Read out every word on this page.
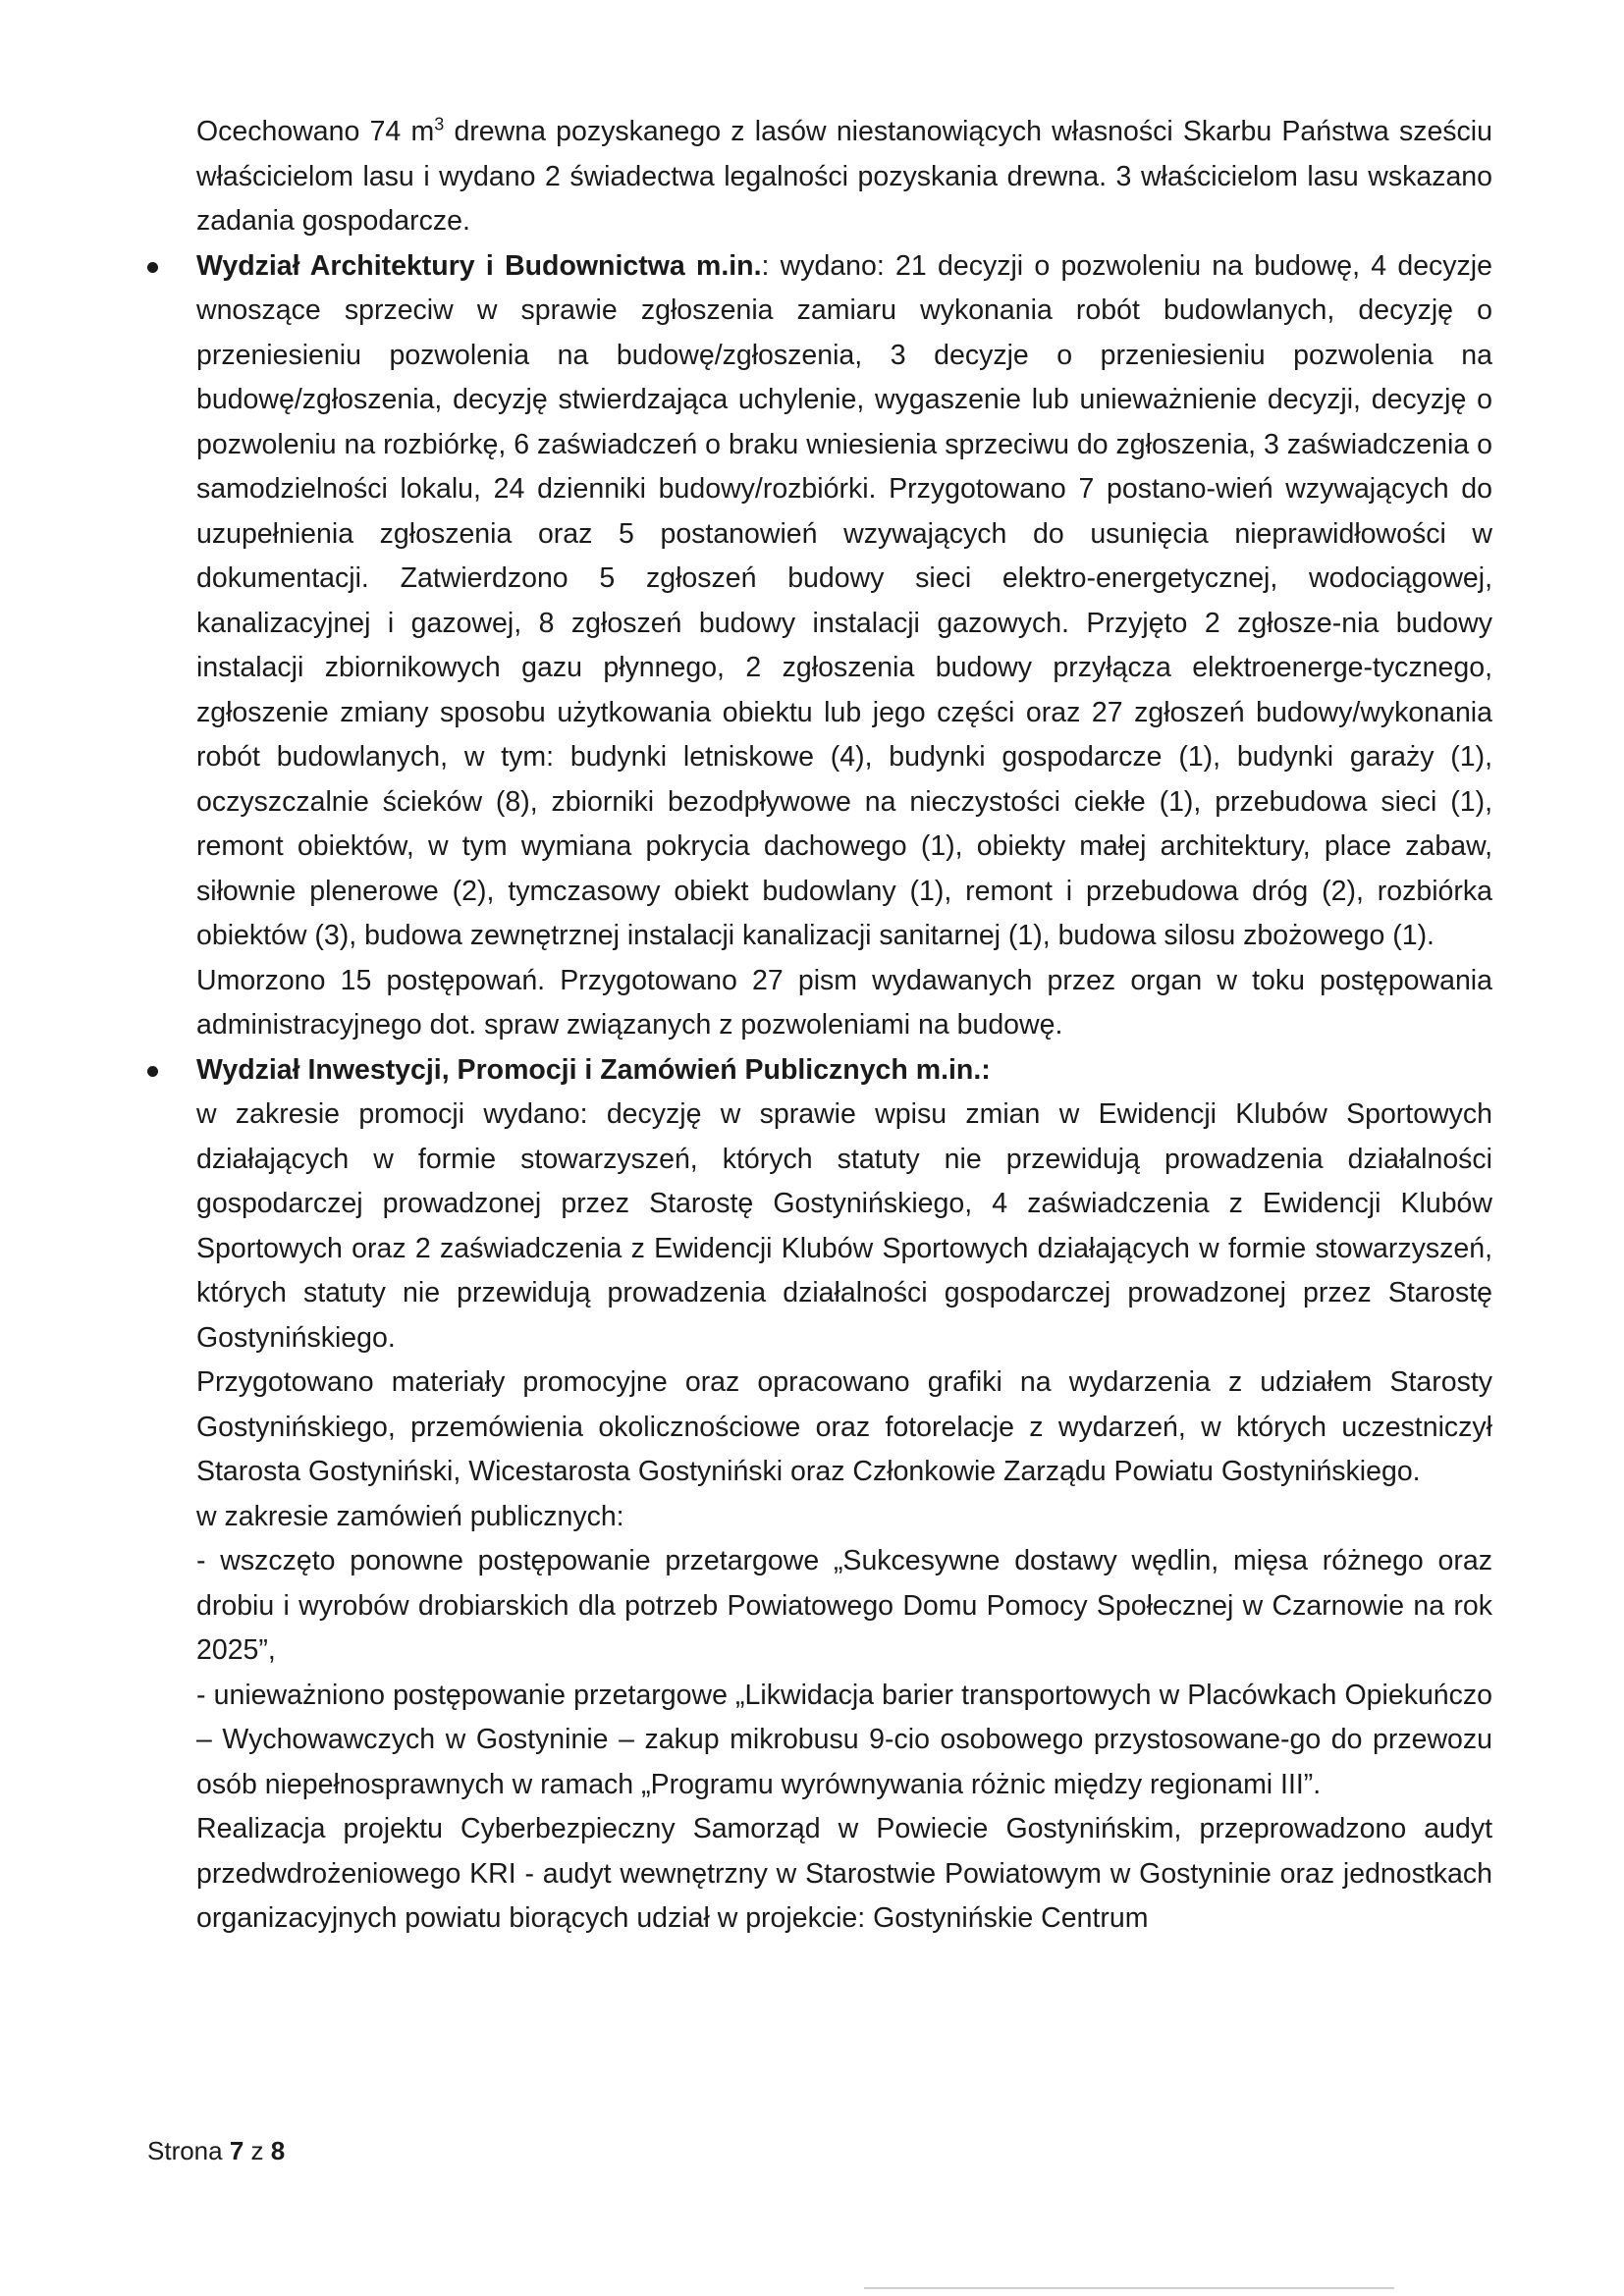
Ocechowano 74 $m^3$ drewna pozyskanego z lasów niestanowiących własności Skarbu Państwa sześciu właścicielom lasu i wydano 2 świadectwa legalności pozyskania drewna. 3 właścicielom lasu wskazano zadania gospodarcze.

Wydział Architektury i Budownictwa m.in.: wydano: 21 decyzji o pozwoleniu na budowę, 4 decyzje wnoszące sprzeciw w sprawie zgłoszenia zamiaru wykonania robót budowlanych, decyzję o przeniesieniu pozwolenia na budowę/zgłoszenia, 3 decyzje o przeniesieniu pozwolenia na budowę/zgłoszenia, decyzję stwierdzająca uchylenie, wygaszenie lub unieważnienie decyzji, decyzję o pozwoleniu na rozbiórkę, 6 zaświadczeń o braku wniesienia sprzeciwu do zgłoszenia, 3 zaświadczenia o samodzielności lokalu, 24 dzienniki budowy/rozbiórki. Przygotowano 7 postano-wień wzywających do uzupełnienia zgłoszenia oraz 5 postanowień wzywających do usunięcia nieprawidłowości w dokumentacji. Zatwierdzono 5 zgłoszeń budowy sieci elektro-energetycznej, wodociągowej, kanalizacyjnej i gazowej, 8 zgłoszeń budowy instalacji gazowych. Przyjęto 2 zgłosze-nia budowy instalacji zbiornikowych gazu płynnego, 2 zgłoszenia budowy przyłącza elektroenerge-tycznego, zgłoszenie zmiany sposobu użytkowania obiektu lub jego części oraz 27 zgłoszeń budowy/wykonania robót budowlanych, w tym: budynki letniskowe (4), budynki gospodarcze (1), budynki garaży (1), oczyszczalnie ścieków (8), zbiorniki bezodpływowe na nieczystości ciekłe (1), przebudowa sieci (1), remont obiektów, w tym wymiana pokrycia dachowego (1), obiekty małej architektury, place zabaw, siłownie plenerowe (2), tymczasowy obiekt budowlany (1), remont i przebudowa dróg (2), rozbiórka obiektów (3), budowa zewnętrznej instalacji kanalizacji sanitarnej (1), budowa silosu zbożowego (1).

Umorzono 15 postępowań. Przygotowano 27 pism wydawanych przez organ w toku postępowania administracyjnego dot. spraw związanych z pozwoleniami na budowę.

Wydział Inwestycji, Promocji i Zamówień Publicznych m.in.:

w zakresie promocji wydano: decyzję w sprawie wpisu zmian w Ewidencji Klubów Sportowych działających w formie stowarzyszeń, których statuty nie przewidują prowadzenia działalności gospodarczej prowadzonej przez Starostę Gostynińskiego, 4 zaświadczenia z Ewidencji Klubów Sportowych oraz 2 zaświadczenia z Ewidencji Klubów Sportowych działających w formie stowarzyszeń, których statuty nie przewidują prowadzenia działalności gospodarczej prowadzonej przez Starostę Gostynińskiego.

Przygotowano materiały promocyjne oraz opracowano grafiki na wydarzenia z udziałem Starosty Gostynińskiego, przemówienia okolicznościowe oraz fotorelacje z wydarzeń, w których uczestniczył Starosta Gostyniński, Wicestarosta Gostyniński oraz Członkowie Zarządu Powiatu Gostynińskiego.

w zakresie zamówień publicznych:

- wszczęto ponowne postępowanie przetargowe „Sukcesywne dostawy wędlin, mięsa różnego oraz drobiu i wyrobów drobiarskich dla potrzeb Powiatowego Domu Pomocy Społecznej w Czarnowie na rok 2025”,

- unieważniono postępowanie przetargowe „Likwidacja barier transportowych w Placówkach Opiekuńczo – Wychowawczych w Gostyninie – zakup mikrobusu 9-cio osobowego przystosowane-go do przewozu osób niepełnosprawnych w ramach „Programu wyrównywania różnic między regionami III”.

Realizacja projektu Cyberbezpieczny Samorząd w Powiecie Gostynińskim, przeprowadzono audyt przedwdrożeniowego KRI - audyt wewnętrzny w Starostwie Powiatowym w Gostyninie oraz jednostkach organizacyjnych powiatu biorących udział w projekcie: Gostynińskie Centrum

Strona 7 z 8
